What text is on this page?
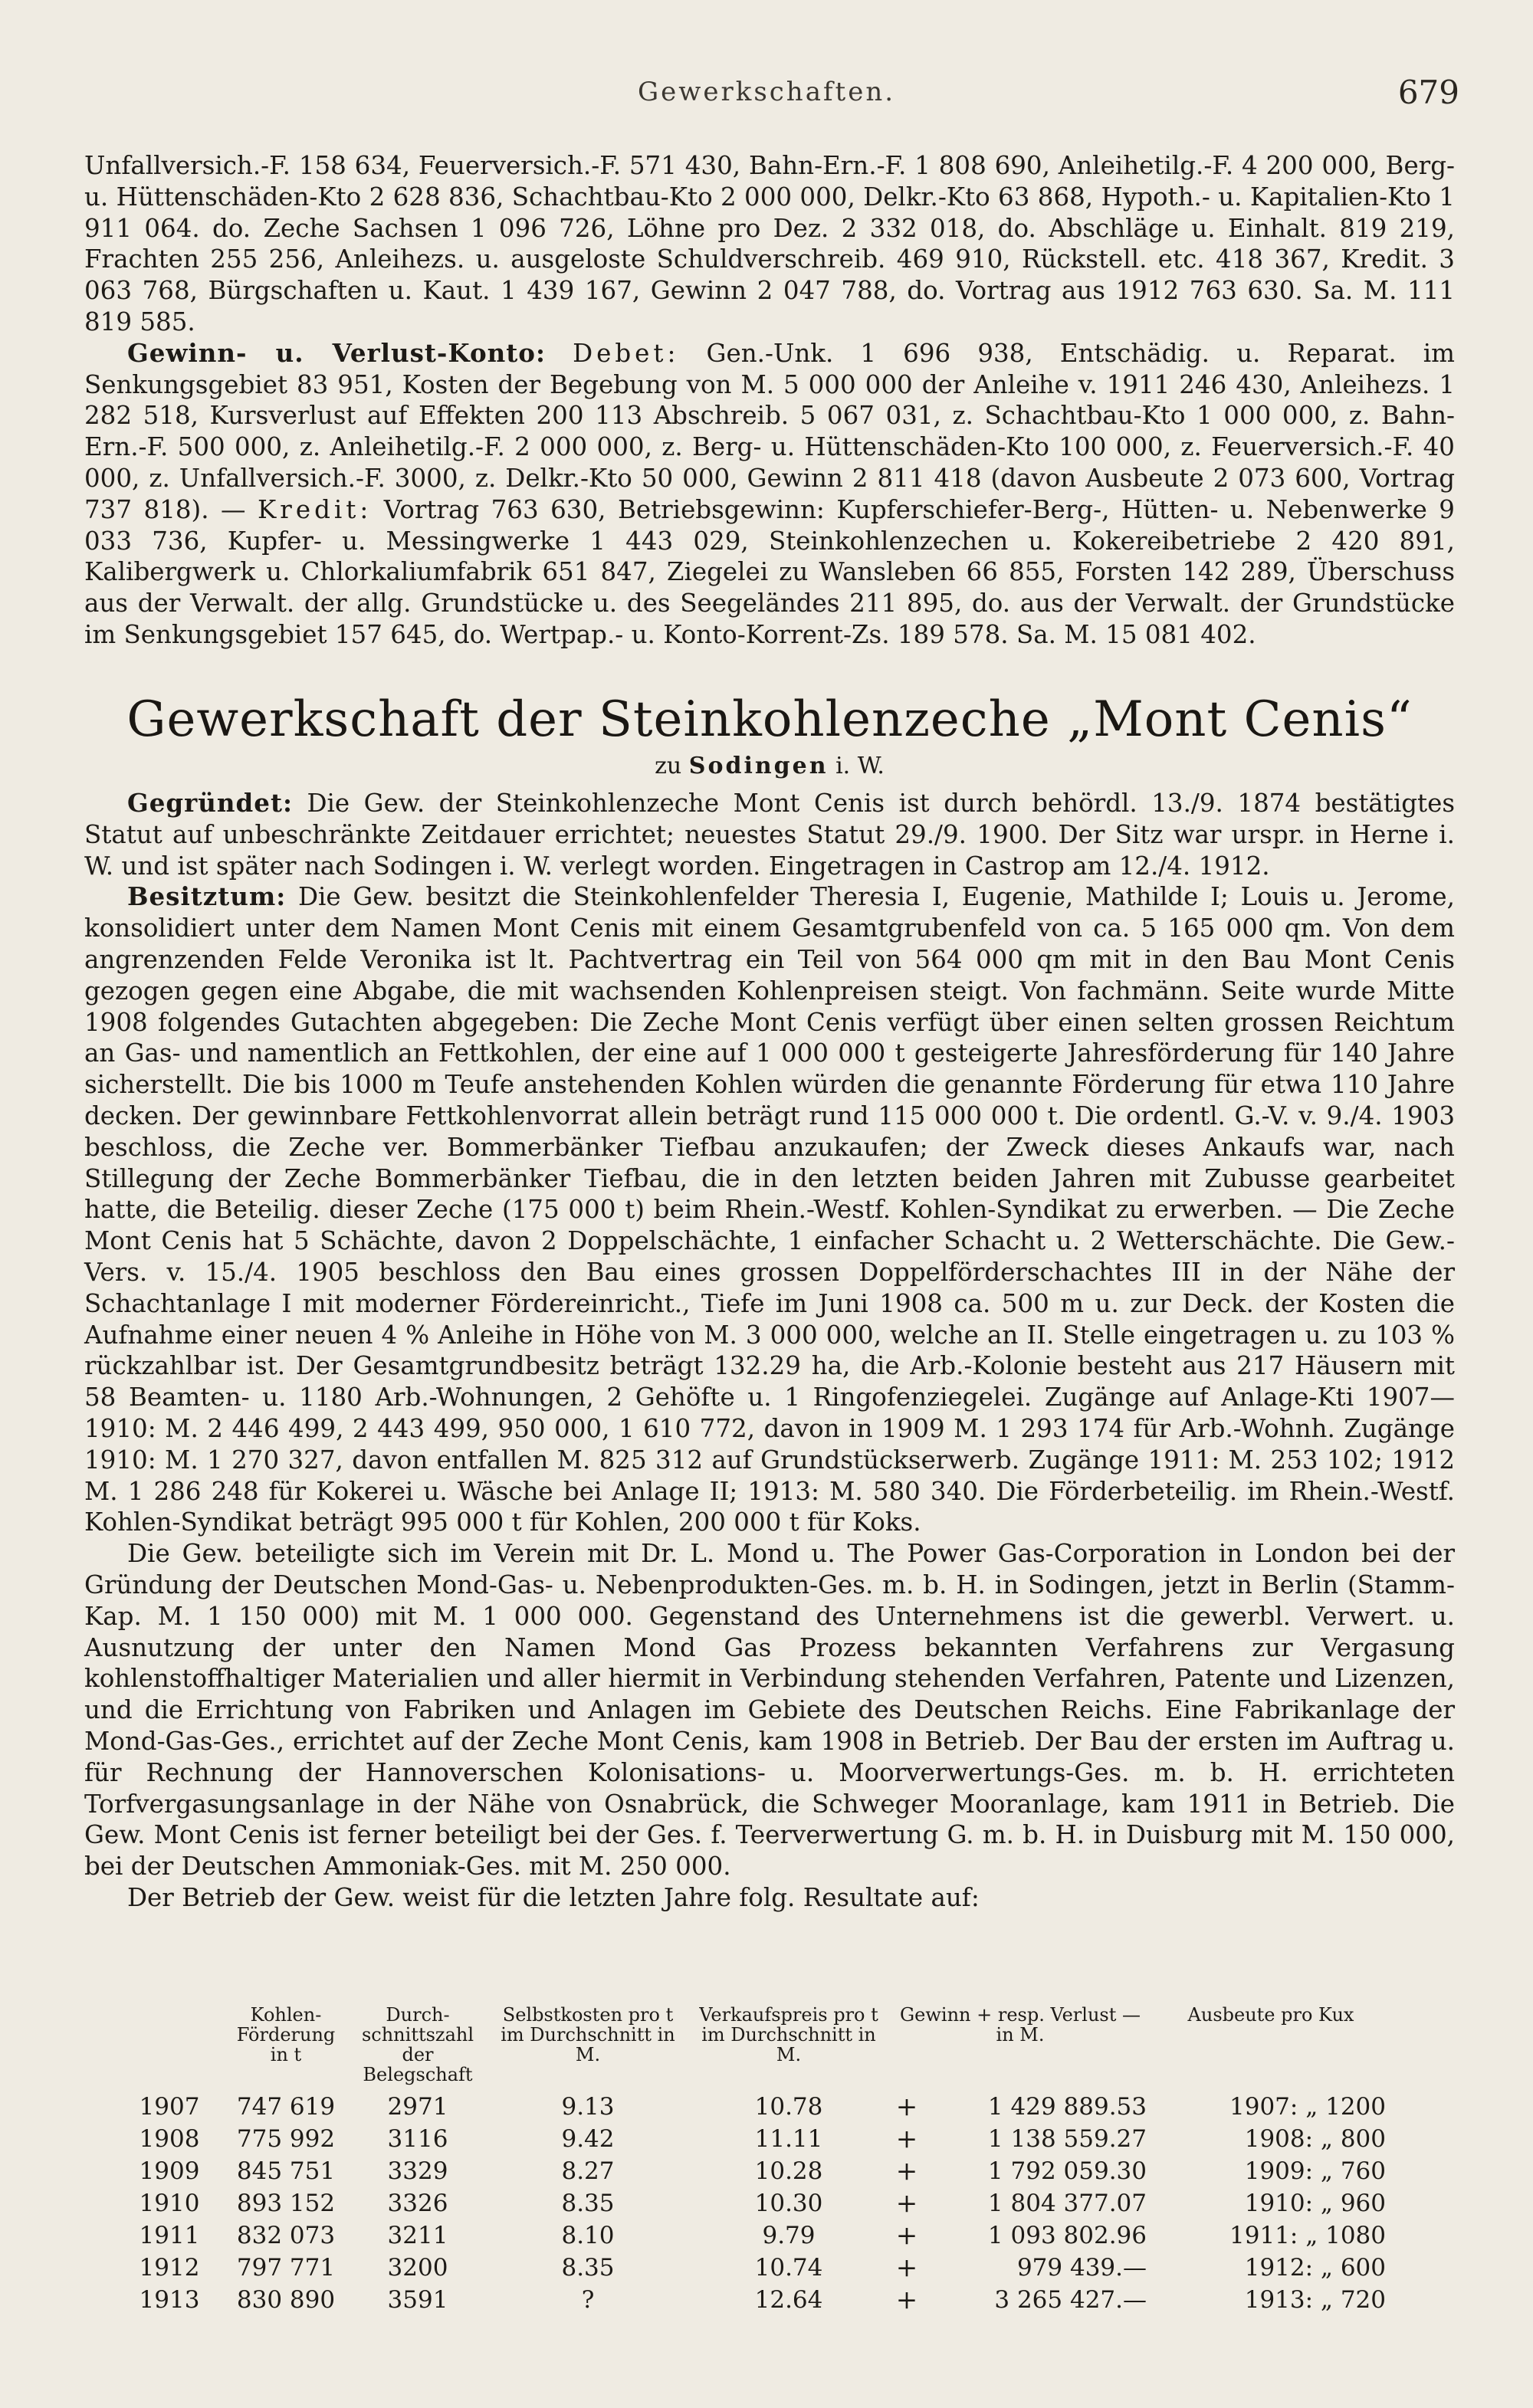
Gewerkschaften.	679

Unfallversich.-F. 158 634, Feuerversich.-F. 571 430, Bahn-Ern.-F. 1 808 690, Anleihetilg.-F. 4 200 000, Berg- u. Hüttenschäden-Kto 2 628 836, Schachtbau-Kto 2 000 000, Delkr.-Kto 63 868, Hypoth.- u. Kapitalien-Kto 1 911 064. do. Zeche Sachsen 1 096 726, Löhne pro Dez. 2 332 018, do. Abschläge u. Einhalt. 819 219, Frachten 255 256, Anleihezs. u. ausgeloste Schuldverschreib. 469 910, Rückstell. etc. 418 367, Kredit. 3 063 768, Bürgschaften u. Kaut. 1 439 167, Gewinn 2 047 788, do. Vortrag aus 1912 763 630. Sa. M. 111 819 585.

Gewinn- u. Verlust-Konto: Debet: Gen.-Unk. 1 696 938, Entschädig. u. Reparat. im Senkungsgebiet 83 951, Kosten der Begebung von M. 5 000 000 der Anleihe v. 1911 246 430, Anleihezs. 1 282 518, Kursverlust auf Effekten 200 113 Abschreib. 5 067 031, z. Schachtbau-Kto 1 000 000, z. Bahn-Ern.-F. 500 000, z. Anleihetilg.-F. 2 000 000, z. Berg- u. Hüttenschäden-Kto 100 000, z. Feuerversich.-F. 40 000, z. Unfallversich.-F. 3000, z. Delkr.-Kto 50 000, Gewinn 2 811 418 (davon Ausbeute 2 073 600, Vortrag 737 818). — Kredit: Vortrag 763 630, Betriebsgewinn: Kupferschiefer-Berg-, Hütten- u. Nebenwerke 9 033 736, Kupfer- u. Messingwerke 1 443 029, Steinkohlenzechen u. Kokereibetriebe 2 420 891, Kalibergwerk u. Chlorkaliumfabrik 651 847, Ziegelei zu Wansleben 66 855, Forsten 142 289, Überschuss aus der Verwalt. der allg. Grundstücke u. des Seegeländes 211 895, do. aus der Verwalt. der Grundstücke im Senkungsgebiet 157 645, do. Wertpap.- u. Konto-Korrent-Zs. 189 578. Sa. M. 15 081 402.

Gewerkschaft der Steinkohlenzeche „Mont Cenis“
zu Sodingen i. W.

Gegründet: Die Gew. der Steinkohlenzeche Mont Cenis ist durch behördl. 13./9. 1874 bestätigtes Statut auf unbeschränkte Zeitdauer errichtet; neuestes Statut 29./9. 1900. Der Sitz war urspr. in Herne i. W. und ist später nach Sodingen i. W. verlegt worden. Eingetragen in Castrop am 12./4. 1912.

Besitztum: Die Gew. besitzt die Steinkohlenfelder Theresia I, Eugenie, Mathilde I; Louis u. Jerome, konsolidiert unter dem Namen Mont Cenis mit einem Gesamtgrubenfeld von ca. 5 165 000 qm. Von dem angrenzenden Felde Veronika ist lt. Pachtvertrag ein Teil von 564 000 qm mit in den Bau Mont Cenis gezogen gegen eine Abgabe, die mit wachsenden Kohlenpreisen steigt. Von fachmänn. Seite wurde Mitte 1908 folgendes Gutachten abgegeben: Die Zeche Mont Cenis verfügt über einen selten grossen Reichtum an Gas- und namentlich an Fettkohlen, der eine auf 1 000 000 t gesteigerte Jahresförderung für 140 Jahre sicherstellt. Die bis 1000 m Teufe anstehenden Kohlen würden die genannte Förderung für etwa 110 Jahre decken. Der gewinnbare Fettkohlenvorrat allein beträgt rund 115 000 000 t. Die ordentl. G.-V. v. 9./4. 1903 beschloss, die Zeche ver. Bommerbänker Tiefbau anzukaufen; der Zweck dieses Ankaufs war, nach Stillegung der Zeche Bommerbänker Tiefbau, die in den letzten beiden Jahren mit Zubusse gearbeitet hatte, die Beteilig. dieser Zeche (175 000 t) beim Rhein.-Westf. Kohlen-Syndikat zu erwerben. — Die Zeche Mont Cenis hat 5 Schächte, davon 2 Doppelschächte, 1 einfacher Schacht u. 2 Wetterschächte. Die Gew.-Vers. v. 15./4. 1905 beschloss den Bau eines grossen Doppelförderschachtes III in der Nähe der Schachtanlage I mit moderner Fördereinricht., Tiefe im Juni 1908 ca. 500 m u. zur Deck. der Kosten die Aufnahme einer neuen 4 % Anleihe in Höhe von M. 3 000 000, welche an II. Stelle eingetragen u. zu 103 % rückzahlbar ist. Der Gesamtgrundbesitz beträgt 132.29 ha, die Arb.-Kolonie besteht aus 217 Häusern mit 58 Beamten- u. 1180 Arb.-Wohnungen, 2 Gehöfte u. 1 Ringofenziegelei. Zugänge auf Anlage-Kti 1907—1910: M. 2 446 499, 2 443 499, 950 000, 1 610 772, davon in 1909 M. 1 293 174 für Arb.-Wohnh. Zugänge 1910: M. 1 270 327, davon entfallen M. 825 312 auf Grundstückserwerb. Zugänge 1911: M. 253 102; 1912 M. 1 286 248 für Kokerei u. Wäsche bei Anlage II; 1913: M. 580 340. Die Förderbeteilig. im Rhein.-Westf. Kohlen-Syndikat beträgt 995 000 t für Kohlen, 200 000 t für Koks.

Die Gew. beteiligte sich im Verein mit Dr. L. Mond u. The Power Gas-Corporation in London bei der Gründung der Deutschen Mond-Gas- u. Nebenprodukten-Ges. m. b. H. in Sodingen, jetzt in Berlin (Stamm-Kap. M. 1 150 000) mit M. 1 000 000. Gegenstand des Unternehmens ist die gewerbl. Verwert. u. Ausnutzung der unter den Namen Mond Gas Prozess bekannten Verfahrens zur Vergasung kohlenstoffhaltiger Materialien und aller hiermit in Verbindung stehenden Verfahren, Patente und Lizenzen, und die Errichtung von Fabriken und Anlagen im Gebiete des Deutschen Reichs. Eine Fabrikanlage der Mond-Gas-Ges., errichtet auf der Zeche Mont Cenis, kam 1908 in Betrieb. Der Bau der ersten im Auftrag u. für Rechnung der Hannoverschen Kolonisations- u. Moorverwertungs-Ges. m. b. H. errichteten Torfvergasungsanlage in der Nähe von Osnabrück, die Schweger Mooranlage, kam 1911 in Betrieb. Die Gew. Mont Cenis ist ferner beteiligt bei der Ges. f. Teerverwertung G. m. b. H. in Duisburg mit M. 150 000, bei der Deutschen Ammoniak-Ges. mit M. 250 000.

Der Betrieb der Gew. weist für die letzten Jahre folg. Resultate auf:

	Kohlen-Förderung in t	Durch-schnittszahl der Belegschaft	Selbstkosten pro t im Durchschnitt in M.	Verkaufspreis pro t im Durchschnitt in M.	Gewinn + resp. Verlust — in M.		Ausbeute pro Kux
1907	747 619	2971	9.13	10.78	+	1 429 889.53	1907: „ 1200
1908	775 992	3116	9.42	11.11	+	1 138 559.27	1908: „ 800
1909	845 751	3329	8.27	10.28	+	1 792 059.30	1909: „ 760
1910	893 152	3326	8.35	10.30	+	1 804 377.07	1910: „ 960
1911	832 073	3211	8.10	9.79	+	1 093 802.96	1911: „ 1080
1912	797 771	3200	8.35	10.74	+	979 439.—	1912: „ 600
1913	830 890	3591	?	12.64	+	3 265 427.—	1913: „ 720
